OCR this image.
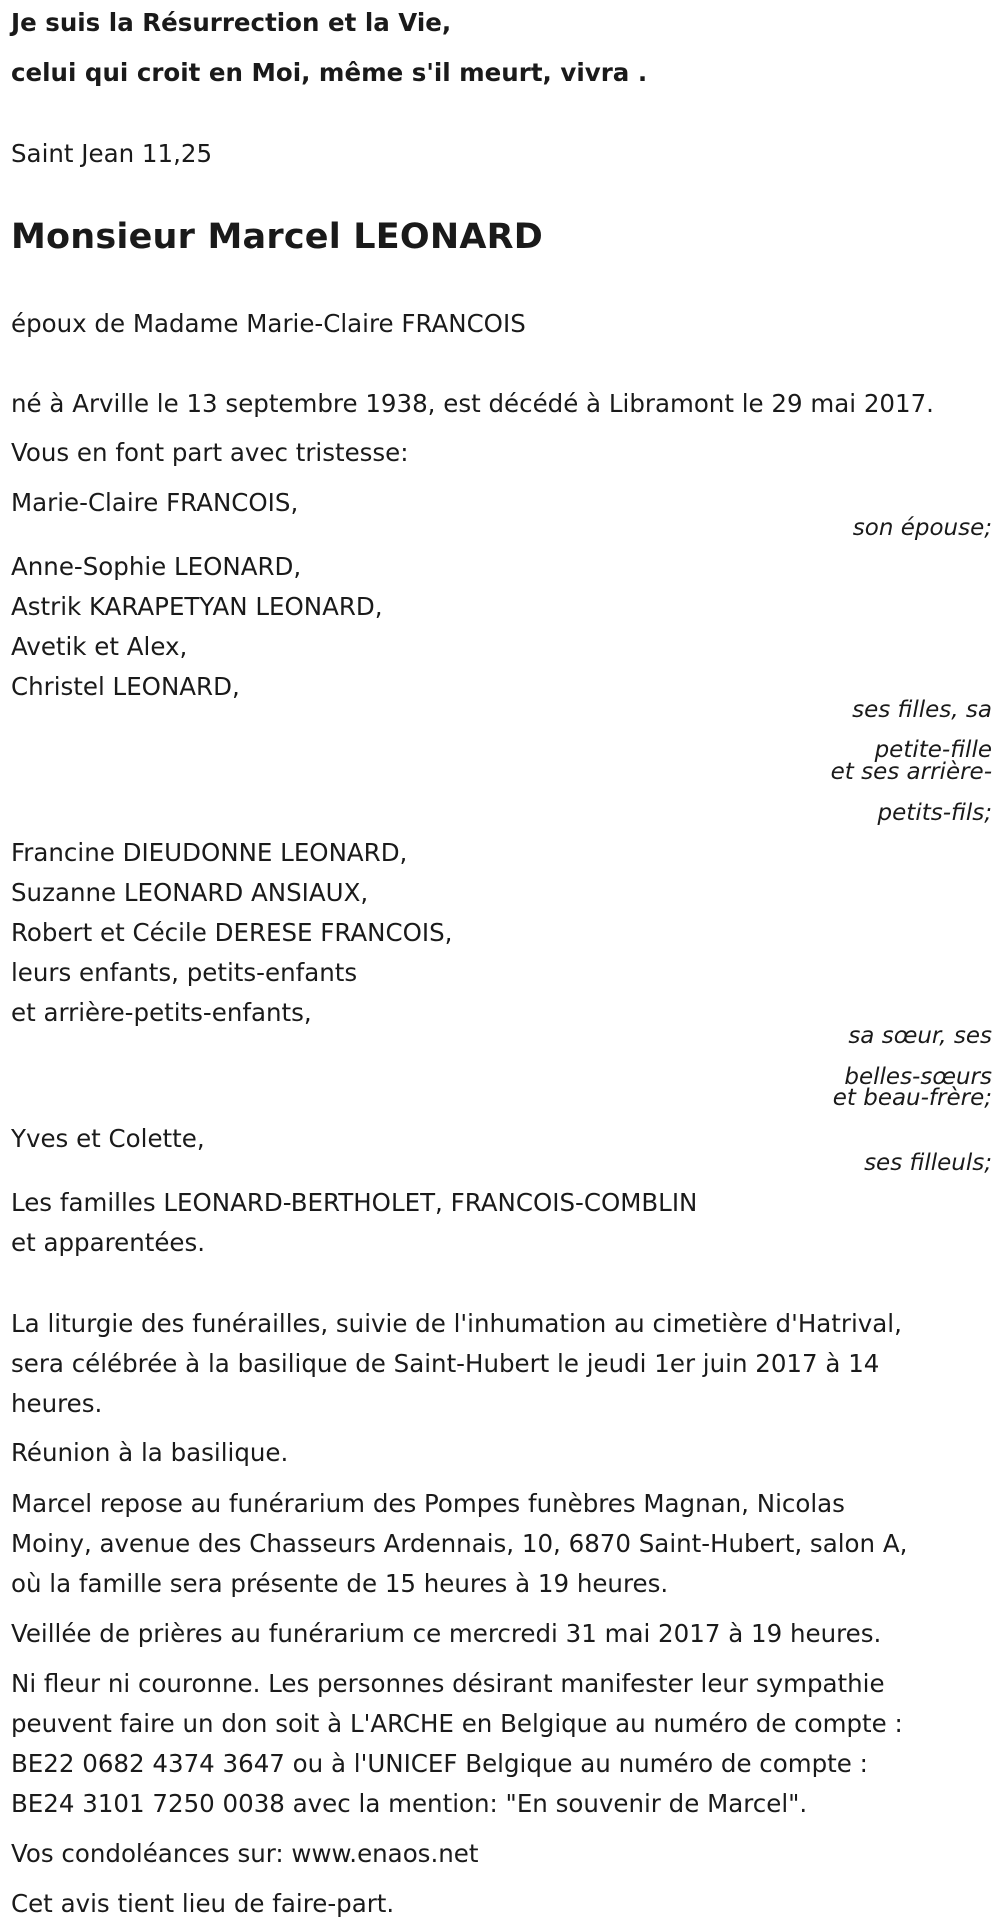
Je suis la Résurrection et la Vie,
celui qui croit en Moi, même s'il meurt, vivra .
Saint Jean 11,25
Monsieur Marcel LEONARD
époux de Madame Marie-Claire FRANCOIS
né à Arville le 13 septembre 1938, est décédé à Libramont le 29 mai 2017.
Vous en font part avec tristesse:
Marie-Claire FRANCOIS,
son épouse;
Anne-Sophie LEONARD,
Astrik KARAPETYAN LEONARD,
Avetik et Alex,
Christel LEONARD,
ses filles, sa
petite-fille
et ses arrière-
petits-fils;
Francine DIEUDONNE LEONARD,
Suzanne LEONARD ANSIAUX,
Robert et Cécile DERESE FRANCOIS,
leurs enfants, petits-enfants
et arrière-petits-enfants,
sa sœur, ses
belles-sœurs
et beau-frère;
Yves et Colette,
ses filleuls;
Les familles LEONARD-BERTHOLET, FRANCOIS-COMBLIN
et apparentées.
La liturgie des funérailles, suivie de l'inhumation au cimetière d'Hatrival,
sera célébrée à la basilique de Saint-Hubert le jeudi 1er juin 2017 à 14
heures.
Réunion à la basilique.
Marcel repose au funérarium des Pompes funèbres Magnan, Nicolas
Moiny, avenue des Chasseurs Ardennais, 10, 6870 Saint-Hubert, salon A,
où la famille sera présente de 15 heures à 19 heures.
Veillée de prières au funérarium ce mercredi 31 mai 2017 à 19 heures.
Ni fleur ni couronne. Les personnes désirant manifester leur sympathie
peuvent faire un don soit à L'ARCHE en Belgique au numéro de compte :
BE22 0682 4374 3647 ou à l'UNICEF Belgique au numéro de compte :
BE24 3101 7250 0038 avec la mention: "En souvenir de Marcel".
Vos condoléances sur: www.enaos.net
Cet avis tient lieu de faire-part.
